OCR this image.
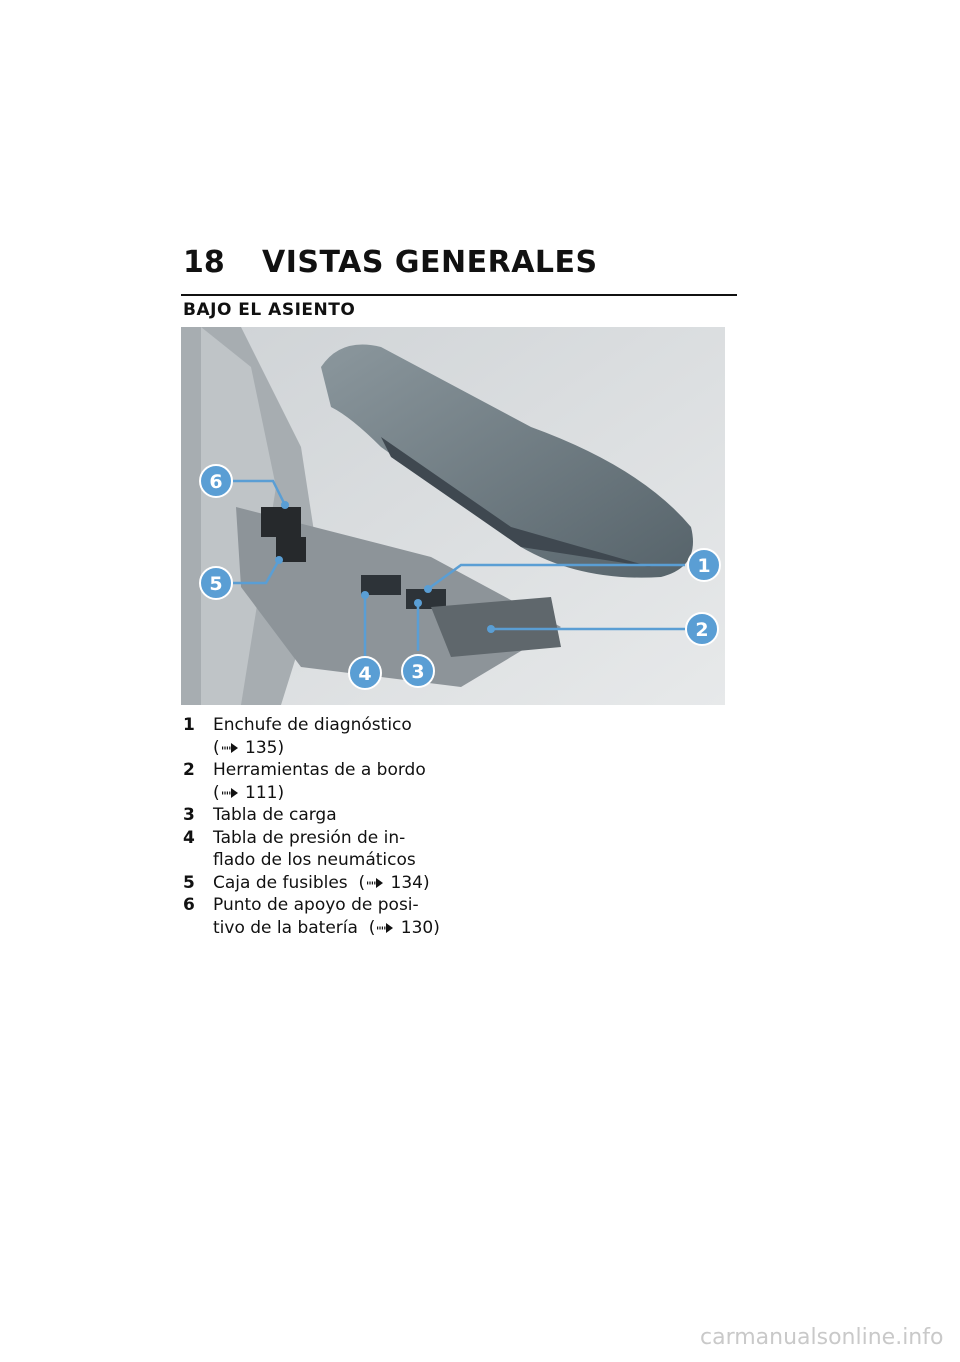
18 VISTAS GENERALES
BAJO EL ASIENTO
1
2
3
4
5
6
1	Enchufe de diagnóstico
( 135)
2	Herramientas de a bordo
( 111)
3	Tabla de carga
4	Tabla de presión de in-
flado de los neumáticos
5	Caja de fusibles ( 134)
6	Punto de apoyo de posi-
tivo de la batería ( 130)
carmanualsonline.info
